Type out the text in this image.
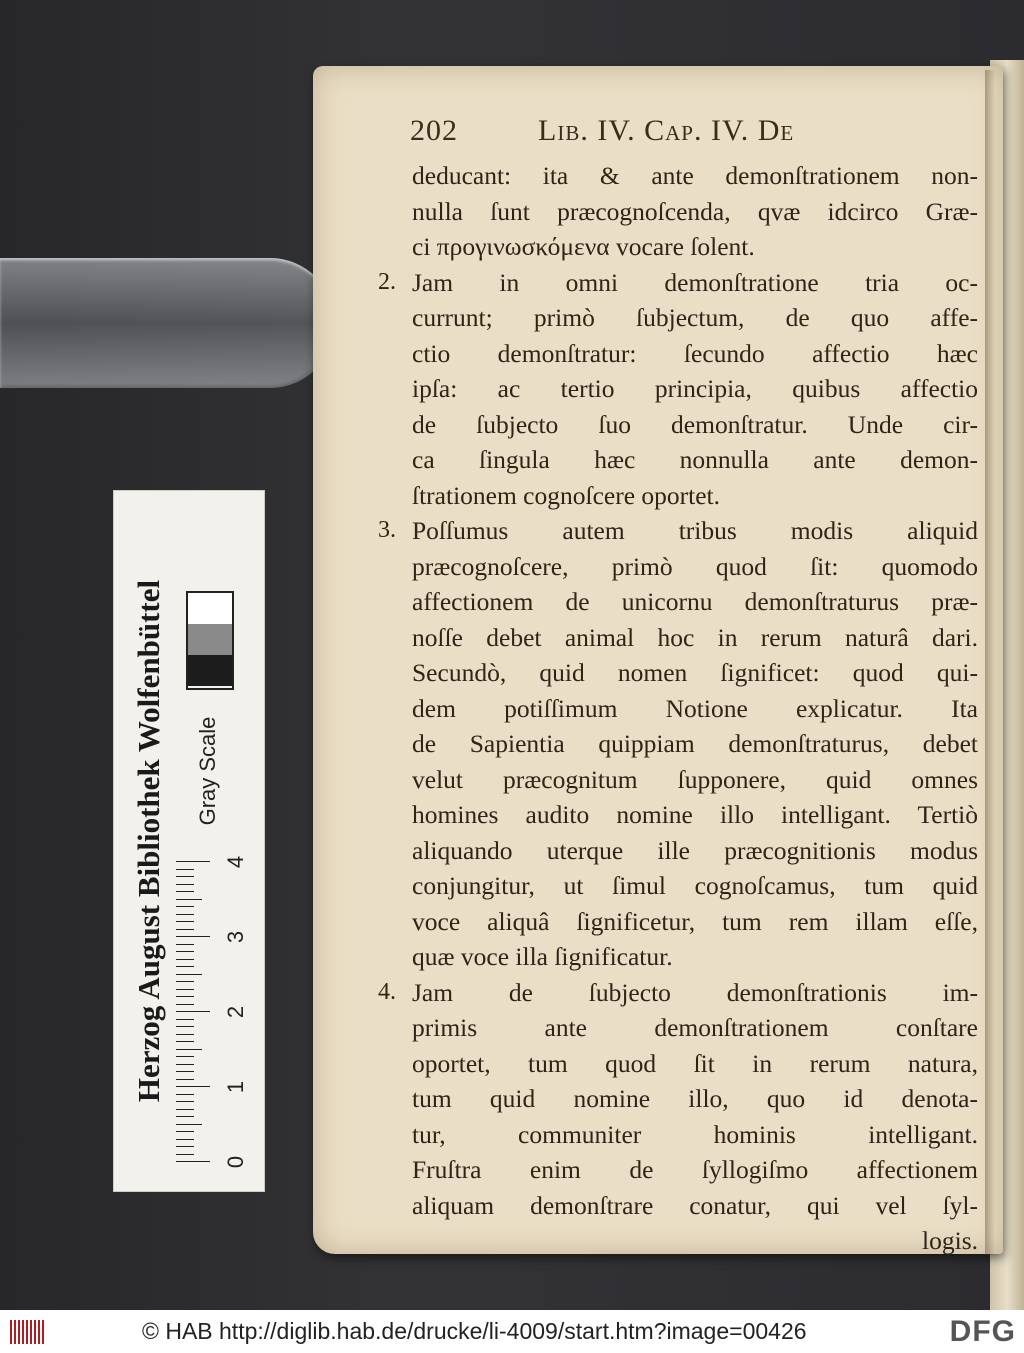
202	Lib. IV. Cap. IV. De
deducant: ita & ante demonſtrationem non-
nulla ſunt præcognoſcenda, qvæ idcirco Græ-
ci προγινωσκόμενα vocare ſolent.
2. Jam in omni demonſtratione tria oc-
currunt; primò ſubjectum, de quo affe-
ctio demonſtratur: ſecundo affectio hæc
ipſa: ac tertio principia, quibus affectio
de ſubjecto ſuo demonſtratur. Unde cir-
ca ſingula hæc nonnulla ante demon-
ſtrationem cognoſcere oportet.
3. Poſſumus autem tribus modis aliquid
præcognoſcere, primò quod ſit: quomodo
affectionem de unicornu demonſtraturus præ-
noſſe debet animal hoc in rerum naturâ dari.
Secundò, quid nomen ſignificet: quod qui-
dem potiſſimum Notione explicatur. Ita
de Sapientia quippiam demonſtraturus, debet
velut præcognitum ſupponere, quid omnes
homines audito nomine illo intelligant. Tertiò
aliquando uterque ille præcognitionis modus
conjungitur, ut ſimul cognoſcamus, tum quid
voce aliquâ ſignificetur, tum rem illam eſſe,
quæ voce illa ſignificatur.
4. Jam de ſubjecto demonſtrationis im-
primis ante demonſtrationem conſtare
oportet, tum quod ſit in rerum natura,
tum quid nomine illo, quo id denota-
tur, communiter hominis intelligant.
Fruſtra enim de ſyllogiſmo affectionem
aliquam demonſtrare conatur, qui vel ſyl-
logis.
Herzog August Bibliothek Wolfenbüttel Gray Scale
4
3
2
1
0
© HAB http://diglib.hab.de/drucke/li-4009/start.htm?image=00426	DFG
